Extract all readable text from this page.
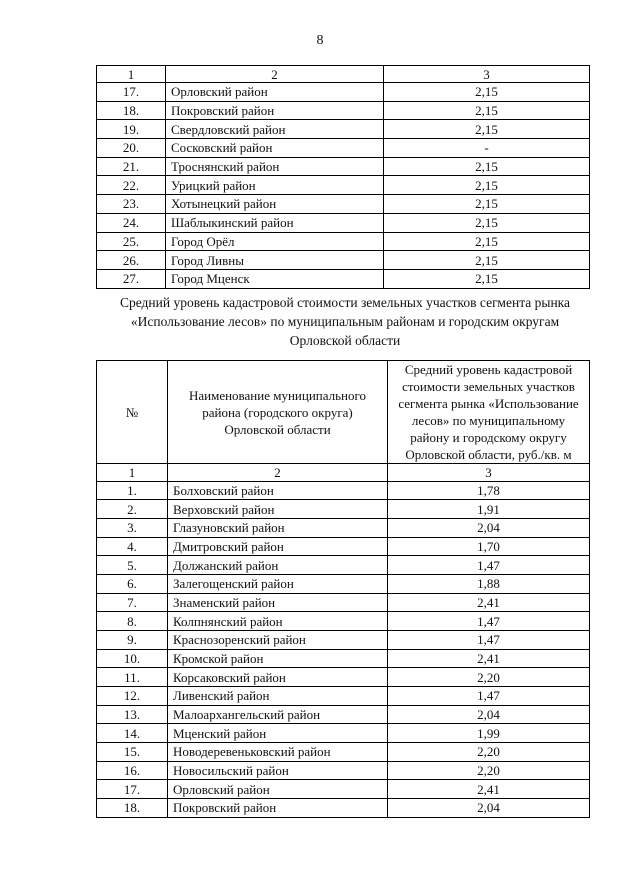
8
1	2	3
17.	Орловский район	2,15
18.	Покровский район	2,15
19.	Свердловский район	2,15
20.	Сосковский район	-
21.	Троснянский район	2,15
22.	Урицкий район	2,15
23.	Хотынецкий район	2,15
24.	Шаблыкинский район	2,15
25.	Город Орёл	2,15
26.	Город Ливны	2,15
27.	Город Мценск	2,15
Средний уровень кадастровой стоимости земельных участков сегмента рынка
«Использование лесов» по муниципальным районам и городским округам
Орловской области
№	Наименование муниципального района (городского округа) Орловской области	Средний уровень кадастровой стоимости земельных участков сегмента рынка «Использование лесов» по муниципальному району и городскому округу Орловской области, руб./кв. м
1	2	3
1.	Болховский район	1,78
2.	Верховский район	1,91
3.	Глазуновский район	2,04
4.	Дмитровский район	1,70
5.	Должанский район	1,47
6.	Залегощенский район	1,88
7.	Знаменский район	2,41
8.	Колпнянский район	1,47
9.	Краснозоренский район	1,47
10.	Кромской район	2,41
11.	Корсаковский район	2,20
12.	Ливенский район	1,47
13.	Малоархангельский район	2,04
14.	Мценский район	1,99
15.	Новодеревеньковский район	2,20
16.	Новосильский район	2,20
17.	Орловский район	2,41
18.	Покровский район	2,04
